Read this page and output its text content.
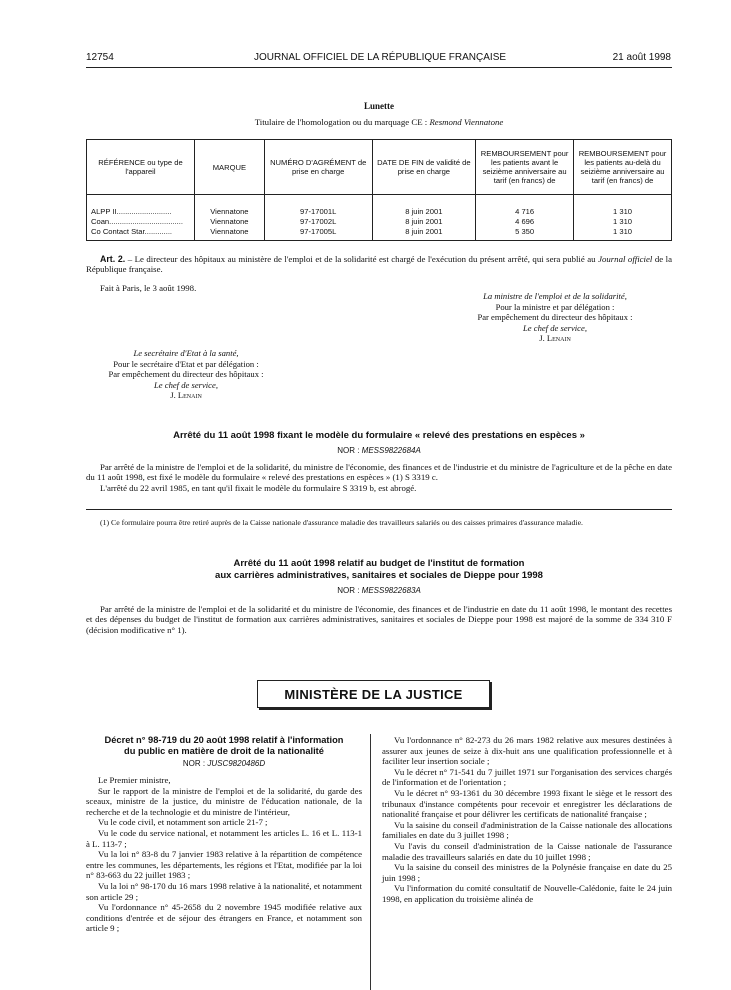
12754	JOURNAL OFFICIEL DE LA RÉPUBLIQUE FRANÇAISE	21 août 1998
Lunette
Titulaire de l'homologation ou du marquage CE : Resmond Viennatone
RÉFÉRENCE ou type de l'appareil	MARQUE	NUMÉRO D'AGRÉMENT de prise en charge	DATE DE FIN de validité de prise en charge	REMBOURSEMENT pour les patients avant le seizième anniversaire au tarif (en francs) de	REMBOURSEMENT pour les patients au-delà du seizième anniversaire au tarif (en francs) de
ALPP II..........................	Viennatone	97-17001L	8 juin 2001	4 716	1 310
Coan...................................	Viennatone	97-17002L	8 juin 2001	4 696	1 310
Co Contact Star.............	Viennatone	97-17005L	8 juin 2001	5 350	1 310

Art. 2. – Le directeur des hôpitaux au ministère de l'emploi et de la solidarité est chargé de l'exécution du présent arrêté, qui sera publié au Journal officiel de la République française.

Fait à Paris, le 3 août 1998.
La ministre de l'emploi et de la solidarité,
Pour la ministre et par délégation :
Par empêchement du directeur des hôpitaux :
Le chef de service,
J. Lenain
Le secrétaire d'Etat à la santé,
Pour le secrétaire d'Etat et par délégation :
Par empêchement du directeur des hôpitaux :
Le chef de service,
J. Lenain
Arrêté du 11 août 1998 fixant le modèle du formulaire « relevé des prestations en espèces »
NOR : MESS9822684A

Par arrêté de la ministre de l'emploi et de la solidarité, du ministre de l'économie, des finances et de l'industrie et du ministre de l'agriculture et de la pêche en date du 11 août 1998, est fixé le modèle du formulaire « relevé des prestations en espèces » (1) S 3319 c.

L'arrêté du 22 avril 1985, en tant qu'il fixait le modèle du formulaire S 3319 b, est abrogé.

(1) Ce formulaire pourra être retiré auprès de la Caisse nationale d'assurance maladie des travailleurs salariés ou des caisses primaires d'assurance maladie.

Arrêté du 11 août 1998 relatif au budget de l'institut de formation
aux carrières administratives, sanitaires et sociales de Dieppe pour 1998
NOR : MESS9822683A

Par arrêté de la ministre de l'emploi et de la solidarité et du ministre de l'économie, des finances et de l'industrie en date du 11 août 1998, le montant des recettes et des dépenses du budget de l'institut de formation aux carrières administratives, sanitaires et sociales de Dieppe pour 1998 est majoré de la somme de 334 310 F (décision modificative n° 1).

MINISTÈRE DE LA JUSTICE
Décret n° 98-719 du 20 août 1998 relatif à l'information
du public en matière de droit de la nationalité
NOR : JUSC9820486D

Le Premier ministre,

Sur le rapport de la ministre de l'emploi et de la solidarité, du garde des sceaux, ministre de la justice, du ministre de l'éducation nationale, de la recherche et de la technologie et du ministre de l'intérieur,

Vu le code civil, et notamment son article 21-7 ;

Vu le code du service national, et notamment les articles L. 16 et L. 113-1 à L. 113-7 ;

Vu la loi n° 83-8 du 7 janvier 1983 relative à la répartition de compétence entre les communes, les départements, les régions et l'Etat, modifiée par la loi n° 83-663 du 22 juillet 1983 ;

Vu la loi n° 98-170 du 16 mars 1998 relative à la nationalité, et notamment son article 29 ;

Vu l'ordonnance n° 45-2658 du 2 novembre 1945 modifiée relative aux conditions d'entrée et de séjour des étrangers en France, et notamment son article 9 ;

Vu l'ordonnance n° 82-273 du 26 mars 1982 relative aux mesures destinées à assurer aux jeunes de seize à dix-huit ans une qualification professionnelle et à faciliter leur insertion sociale ;

Vu le décret n° 71-541 du 7 juillet 1971 sur l'organisation des services chargés de l'information et de l'orientation ;

Vu le décret n° 93-1361 du 30 décembre 1993 fixant le siège et le ressort des tribunaux d'instance compétents pour recevoir et enregistrer les déclarations de nationalité française et pour délivrer les certificats de nationalité française ;

Vu la saisine du conseil d'administration de la Caisse nationale des allocations familiales en date du 3 juillet 1998 ;

Vu l'avis du conseil d'administration de la Caisse nationale de l'assurance maladie des travailleurs salariés en date du 10 juillet 1998 ;

Vu la saisine du conseil des ministres de la Polynésie française en date du 25 juin 1998 ;

Vu l'information du comité consultatif de Nouvelle-Calédonie, faite le 24 juin 1998, en application du troisième alinéa de
